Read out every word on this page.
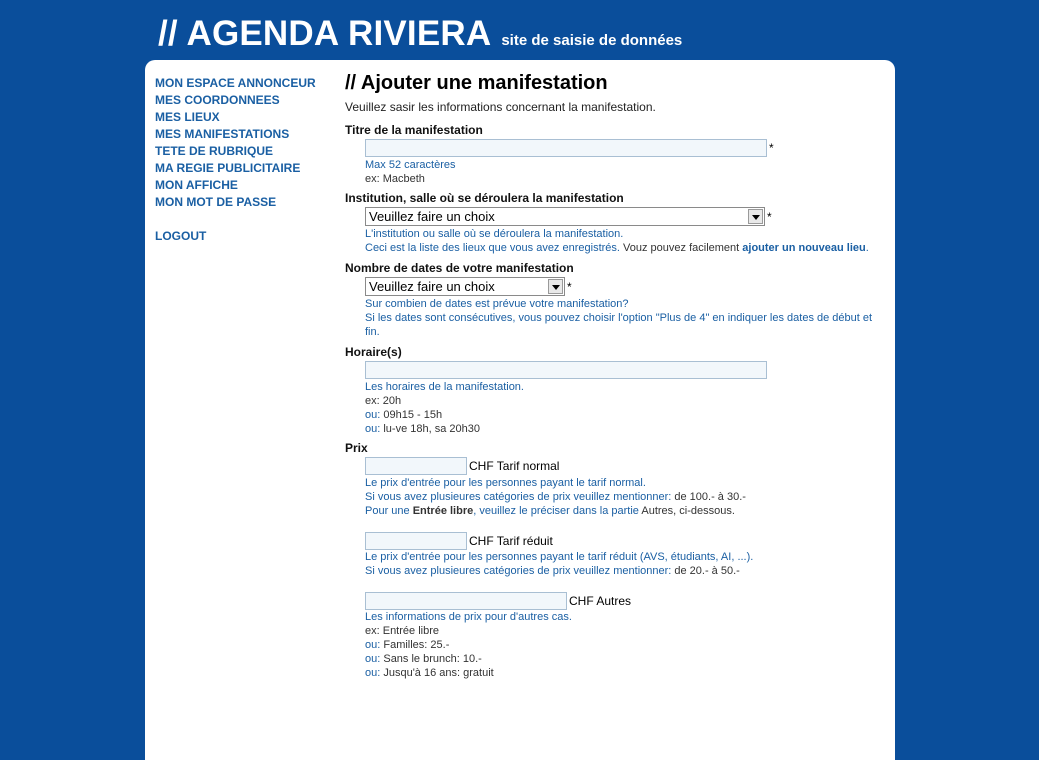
// AGENDA RIVIERA site de saisie de données
MON ESPACE ANNONCEUR
MES COORDONNEES
MES LIEUX
MES MANIFESTATIONS
TETE DE RUBRIQUE
MA REGIE PUBLICITAIRE
MON AFFICHE
MON MOT DE PASSE
LOGOUT
// Ajouter une manifestation
Veuillez sasir les informations concernant la manifestation.
Titre de la manifestation
*
Max 52 caractères
ex: Macbeth
Institution, salle où se déroulera la manifestation
Veuillez faire un choix	*
L'institution ou salle où se déroulera la manifestation.
Ceci est la liste des lieux que vous avez enregistrés. Vouz pouvez facilement ajouter un nouveau lieu.
Nombre de dates de votre manifestation
Veuillez faire un choix	*
Sur combien de dates est prévue votre manifestation?
Si les dates sont consécutives, vous pouvez choisir l'option "Plus de 4" en indiquer les dates de début et fin.
Horaire(s)
Les horaires de la manifestation.
ex: 20h
ou: 09h15 - 15h
ou: lu-ve 18h, sa 20h30
Prix
CHF Tarif normal
Le prix d'entrée pour les personnes payant le tarif normal.
Si vous avez plusieures catégories de prix veuillez mentionner: de 100.- à 30.-
Pour une Entrée libre, veuillez le préciser dans la partie Autres, ci-dessous.
CHF Tarif réduit
Le prix d'entrée pour les personnes payant le tarif réduit (AVS, étudiants, AI, ...).
Si vous avez plusieures catégories de prix veuillez mentionner: de 20.- à 50.-
CHF Autres
Les informations de prix pour d'autres cas.
ex: Entrée libre
ou: Familles: 25.-
ou: Sans le brunch: 10.-
ou: Jusqu'à 16 ans: gratuit
